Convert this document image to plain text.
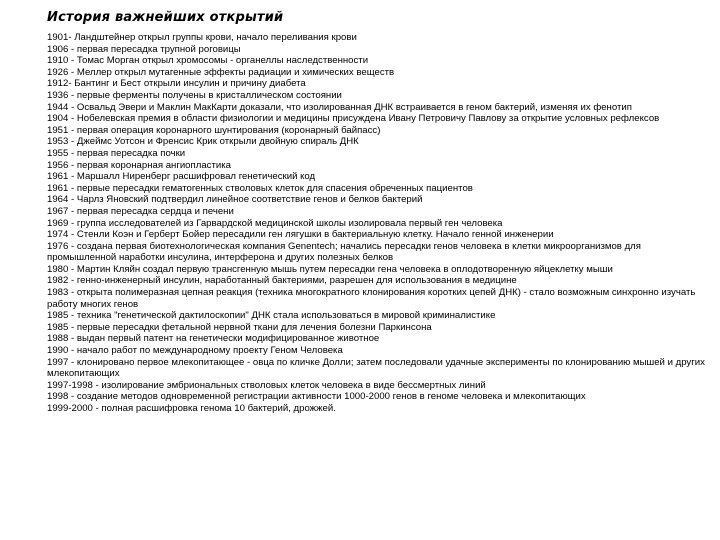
История важнейших открытий
1901- Ландштейнер открыл группы крови, начало переливания крови
1906 - первая пересадка трупной роговицы
1910 - Томас Морган открыл хромосомы - органеллы наследственности
1926 - Меллер открыл мутагенные эффекты радиации и химических веществ
1912- Бантинг и Бест открыли инсулин и причину диабета
1936 - первые ферменты получены в кристаллическом состоянии
1944 - Освальд Эвери и Маклин МакКарти доказали, что изолированная ДНК встраивается в геном бактерий, изменяя их фенотип
1904 - Нобелевская премия в области физиологии и медицины присуждена Ивану Петровичу Павлову за открытие условных рефлексов
1951 - первая операция коронарного шунтирования (коронарный байпасс)
1953 - Джеймс Уотсон и Френсис Крик открыли двойную спираль ДНК
1955 - первая пересадка почки
1956 - первая коронарная ангиопластика
1961 - Маршалл Ниренберг расшифровал генетический код
1961 - первые пересадки гематогенных стволовых клеток для спасения обреченных пациентов
1964 - Чарлз Яновский подтвердил линейное соответствие генов и белков бактерий
1967 - первая пересадка сердца и печени
1969 - группа исследователей из Гарвардской медицинской школы изолировала первый ген человека
1974 - Стенли Коэн и Герберт Бойер пересадили ген лягушки в бактериальную клетку. Начало генной инженерии
1976 - создана первая биотехнологическая компания Genentech; начались пересадки генов человека в клетки микроорганизмов для промышленной наработки инсулина, интерферона и других полезных белков
1980 - Мартин Кляйн создал первую трансгенную мышь путем пересадки гена человека в оплодотворенную яйцеклетку мыши
1982 - генно-инженерный инсулин, наработанный бактериями, разрешен для использования в медицине
1983 - открыта полимеразная цепная реакция (техника многократного клонирования коротких цепей ДНК) - стало возможным синхронно изучать работу многих генов
1985 - техника "генетической дактилоскопии" ДНК стала использоваться в мировой криминалистике
1985 - первые пересадки фетальной нервной ткани для лечения болезни Паркинсона
1988 - выдан первый патент на генетически модифицированное животное
1990 - начало работ по международному проекту Геном Человека
1997 - клонировано первое млекопитающее - овца по кличке Долли; затем последовали удачные эксперименты по клонированию мышей и других млекопитающих
1997-1998 - изолирование эмбриональных стволовых клеток человека в виде бессмертных линий
1998 - создание методов одновременной регистрации активности 1000-2000 генов в геноме человека и млекопитающих
1999-2000 - полная расшифровка генома 10 бактерий, дрожжей.
